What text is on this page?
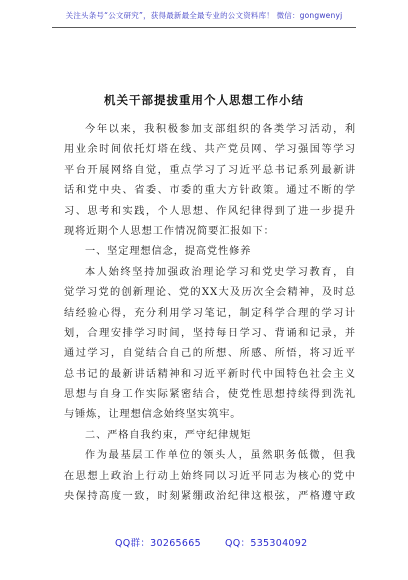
关注头条号“公文研究”，获得最新最全最专业的公文资料库！ 微信：gongwenyj
机关干部提拔重用个人思想工作小结
今年以来，我积极参加支部组织的各类学习活动，利
用业余时间依托灯塔在线、共产党员网、学习强国等学习
平台开展网络自觉，重点学习了习近平总书记系列最新讲
话和党中央、省委、市委的重大方针政策。通过不断的学
习、思考和实践，个人思想、作风纪律得到了进一步提升
现将近期个人思想工作情况简要汇报如下：
一、坚定理想信念，提高党性修养
本人始终坚持加强政治理论学习和党史学习教育，自
觉学习党的创新理论、党的XX大及历次全会精神，及时总
结经验心得，充分利用学习笔记，制定科学合理的学习计
划，合理安排学习时间，坚持每日学习、背诵和记录，并
通过学习，自觉结合自己的所想、所感、所悟，将习近平
总书记的最新讲话精神和习近平新时代中国特色社会主义
思想与自身工作实际紧密结合，使党性思想持续得到洗礼
与锤炼，让理想信念始终坚实筑牢。
二、严格自我约束，严守纪律规矩
作为最基层工作单位的领头人，虽然职务低微，但我
在思想上政治上行动上始终同以习近平同志为核心的党中
央保持高度一致，时刻紧绷政治纪律这根弦，严格遵守政
QQ群：30265665	QQ：535304092
